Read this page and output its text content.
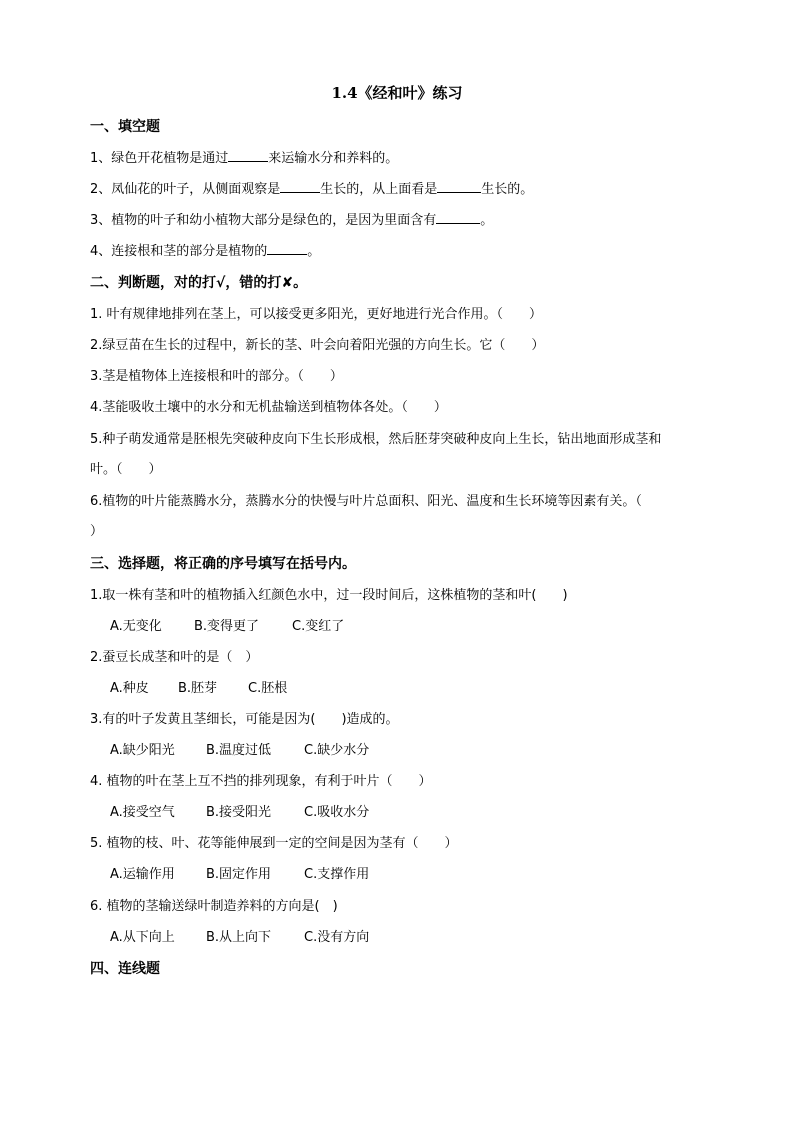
1.4《经和叶》练习
一、填空题
1、绿色开花植物是通过	来运输水分和养料的。
2、凤仙花的叶子，从侧面观察是	生长的，从上面看是	生长的。
3、植物的叶子和幼小植物大部分是绿色的，是因为里面含有	。
4、连接根和茎的部分是植物的	。
二、判断题，对的打√，错的打✘。
1. 叶有规律地排列在茎上，可以接受更多阳光，更好地进行光合作用。（　　）
2.绿豆苗在生长的过程中，新长的茎、叶会向着阳光强的方向生长。它（　　）
3.茎是植物体上连接根和叶的部分。（　　）
4.茎能吸收土壤中的水分和无机盐输送到植物体各处。（　　）
5.种子萌发通常是胚根先突破种皮向下生长形成根，然后胚芽突破种皮向上生长，钻出地面形成茎和
叶。（　　）
6.植物的叶片能蒸腾水分，蒸腾水分的快慢与叶片总面积、阳光、温度和生长环境等因素有关。（
）
三、选择题，将正确的序号填写在括号内。
1.取一株有茎和叶的植物插入红颜色水中，过一段时间后，这株植物的茎和叶(　　)
A.无变化 B.变得更了	C.变红了
2.蚕豆长成茎和叶的是（　）
A.种皮 B.胚芽 C.胚根
3.有的叶子发黄且茎细长，可能是因为(　　)造成的。
A.缺少阳光 B.温度过低	C.缺少水分
4. 植物的叶在茎上互不挡的排列现象，有利于叶片（　　）
A.接受空气 B.接受阳光	C.吸收水分
5. 植物的枝、叶、花等能伸展到一定的空间是因为茎有（　　）
A.运输作用 B.固定作用	C.支撑作用
6. 植物的茎输送绿叶制造养料的方向是(　)
A.从下向上 B.从上向下	C.没有方向
四、连线题
